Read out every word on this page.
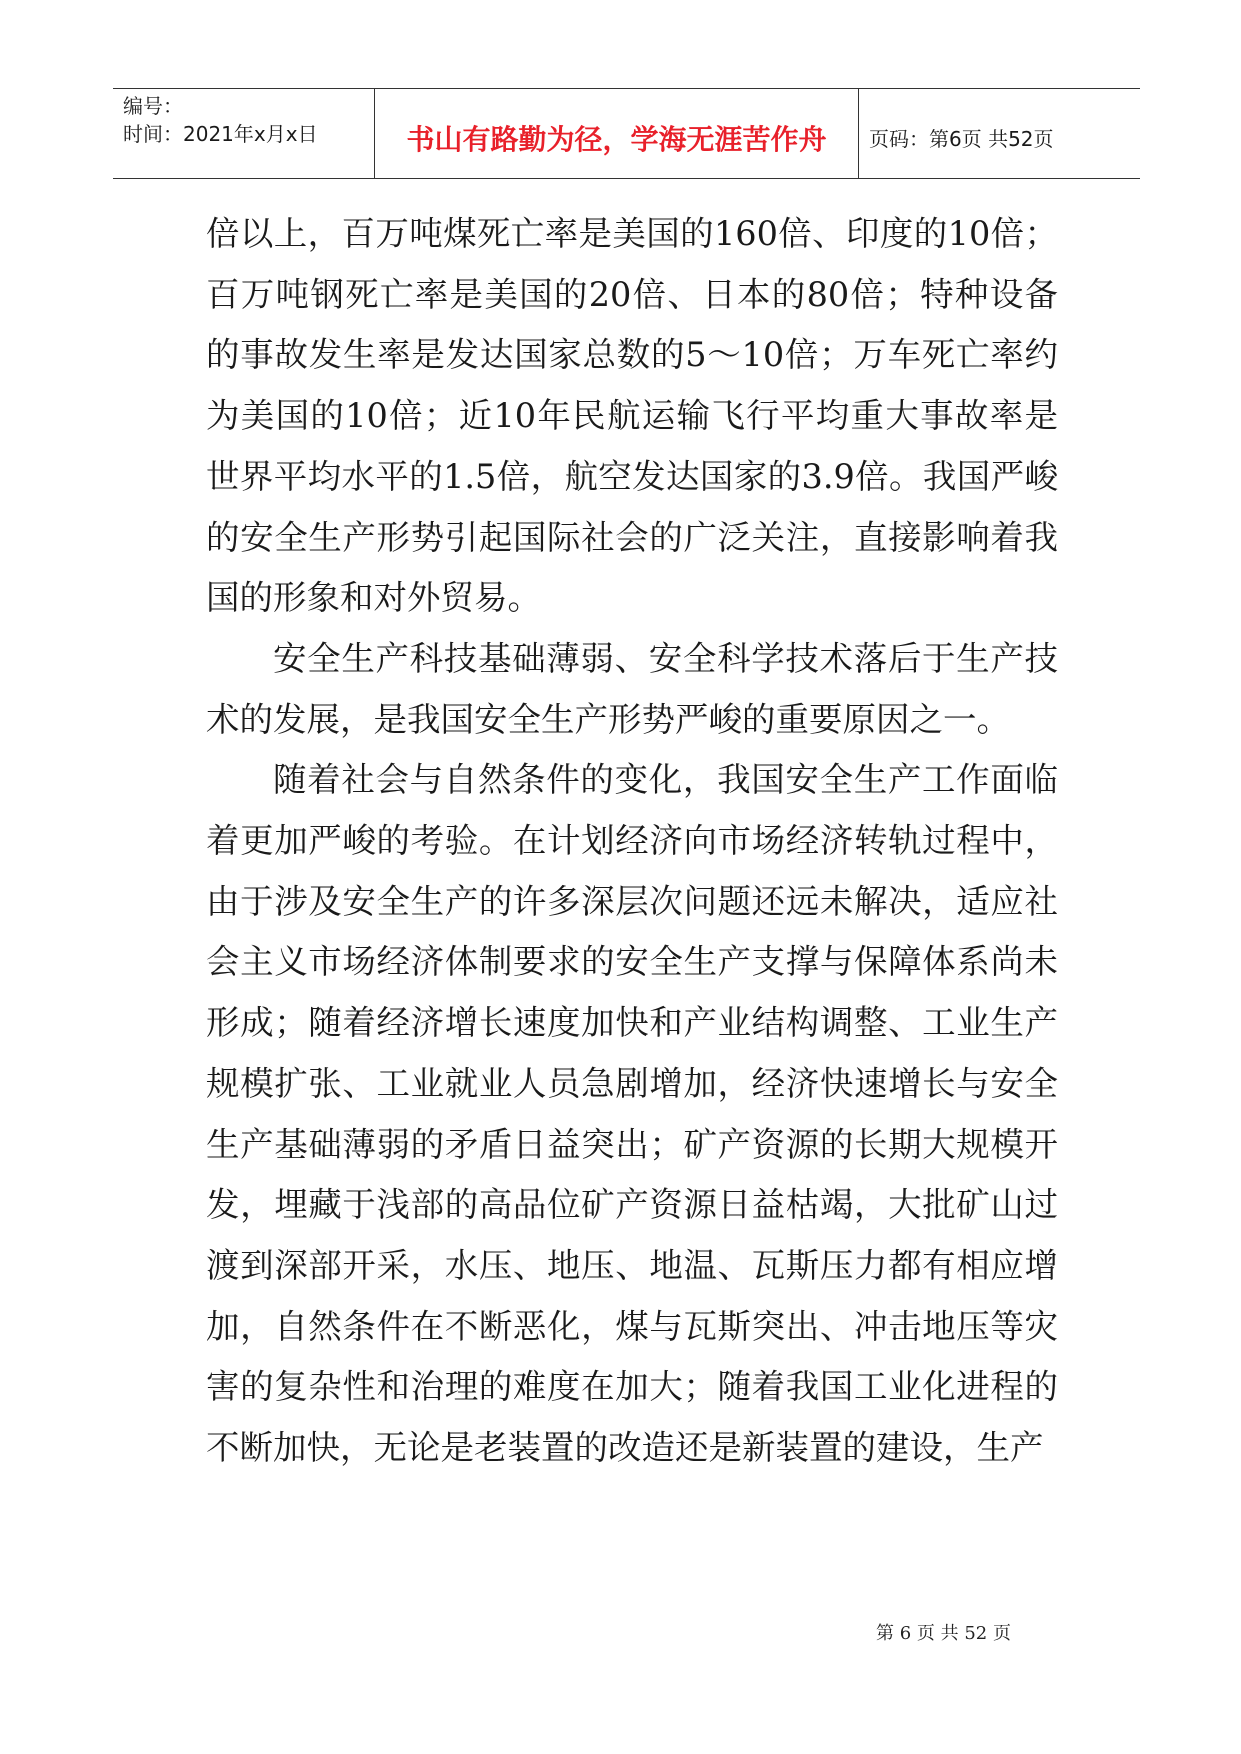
编号：
时间：2021年x月x日	书山有路勤为径，学海无涯苦作舟	页码：第6页 共52页

倍以上，百万吨煤死亡率是美国的160倍、印度的10倍；百万吨钢死亡率是美国的20倍、日本的80倍；特种设备的事故发生率是发达国家总数的5～10倍；万车死亡率约为美国的10倍；近10年民航运输飞行平均重大事故率是世界平均水平的1.5倍，航空发达国家的3.9倍。我国严峻的安全生产形势引起国际社会的广泛关注，直接影响着我国的形象和对外贸易。

安全生产科技基础薄弱、安全科学技术落后于生产技术的发展，是我国安全生产形势严峻的重要原因之一。

随着社会与自然条件的变化，我国安全生产工作面临着更加严峻的考验。在计划经济向市场经济转轨过程中，由于涉及安全生产的许多深层次问题还远未解决，适应社会主义市场经济体制要求的安全生产支撑与保障体系尚未形成；随着经济增长速度加快和产业结构调整、工业生产规模扩张、工业就业人员急剧增加，经济快速增长与安全生产基础薄弱的矛盾日益突出；矿产资源的长期大规模开发，埋藏于浅部的高品位矿产资源日益枯竭，大批矿山过渡到深部开采，水压、地压、地温、瓦斯压力都有相应增加，自然条件在不断恶化，煤与瓦斯突出、冲击地压等灾害的复杂性和治理的难度在加大；随着我国工业化进程的不断加快，无论是老装置的改造还是新装置的建设，生产

第 6 页 共 52 页
